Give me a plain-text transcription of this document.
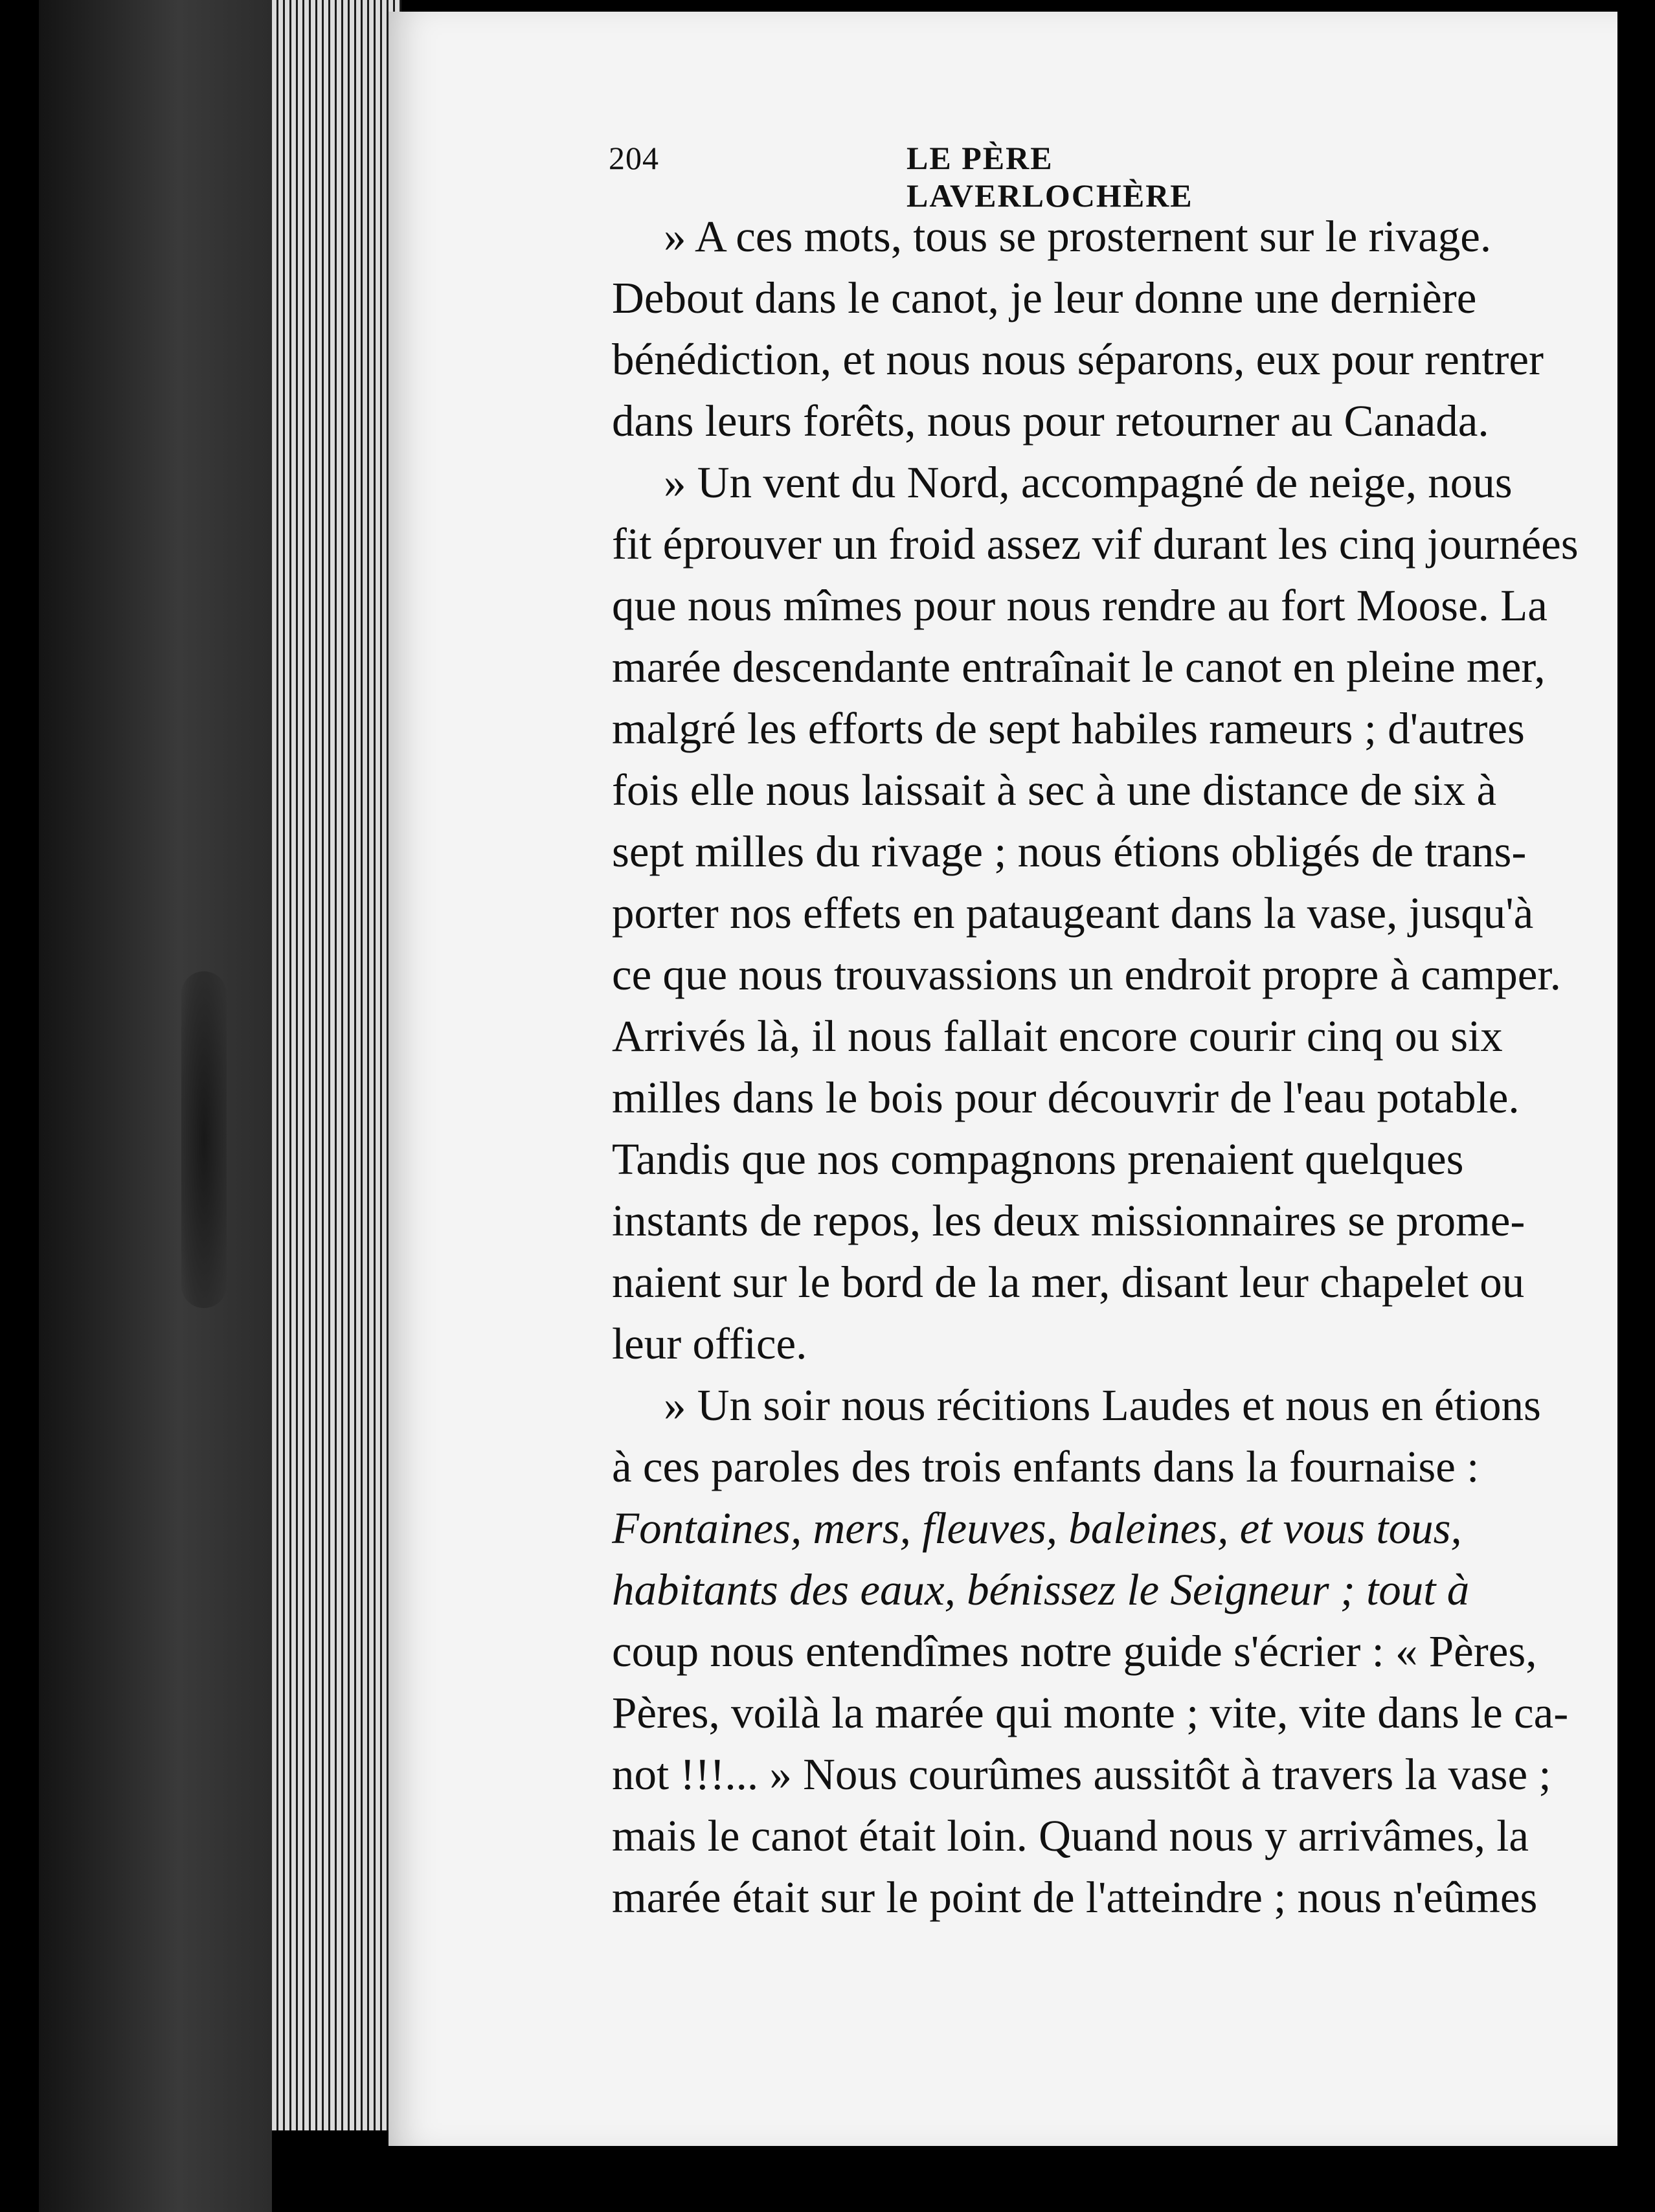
204	LE PÈRE LAVERLOCHÈRE
» A ces mots, tous se prosternent sur le rivage.
Debout dans le canot, je leur donne une dernière
bénédiction, et nous nous séparons, eux pour rentrer
dans leurs forêts, nous pour retourner au Canada.
» Un vent du Nord, accompagné de neige, nous
fit éprouver un froid assez vif durant les cinq journées
que nous mîmes pour nous rendre au fort Moose. La
marée descendante entraînait le canot en pleine mer,
malgré les efforts de sept habiles rameurs ; d'autres
fois elle nous laissait à sec à une distance de six à
sept milles du rivage ; nous étions obligés de trans-
porter nos effets en pataugeant dans la vase, jusqu'à
ce que nous trouvassions un endroit propre à camper.
Arrivés là, il nous fallait encore courir cinq ou six
milles dans le bois pour découvrir de l'eau potable.
Tandis que nos compagnons prenaient quelques
instants de repos, les deux missionnaires se prome-
naient sur le bord de la mer, disant leur chapelet ou
leur office.
» Un soir nous récitions Laudes et nous en étions
à ces paroles des trois enfants dans la fournaise :
Fontaines, mers, fleuves, baleines, et vous tous,
habitants des eaux, bénissez le Seigneur ; tout à
coup nous entendîmes notre guide s'écrier : « Pères,
Pères, voilà la marée qui monte ; vite, vite dans le ca-
not !!!... » Nous courûmes aussitôt à travers la vase ;
mais le canot était loin. Quand nous y arrivâmes, la
marée était sur le point de l'atteindre ; nous n'eûmes
